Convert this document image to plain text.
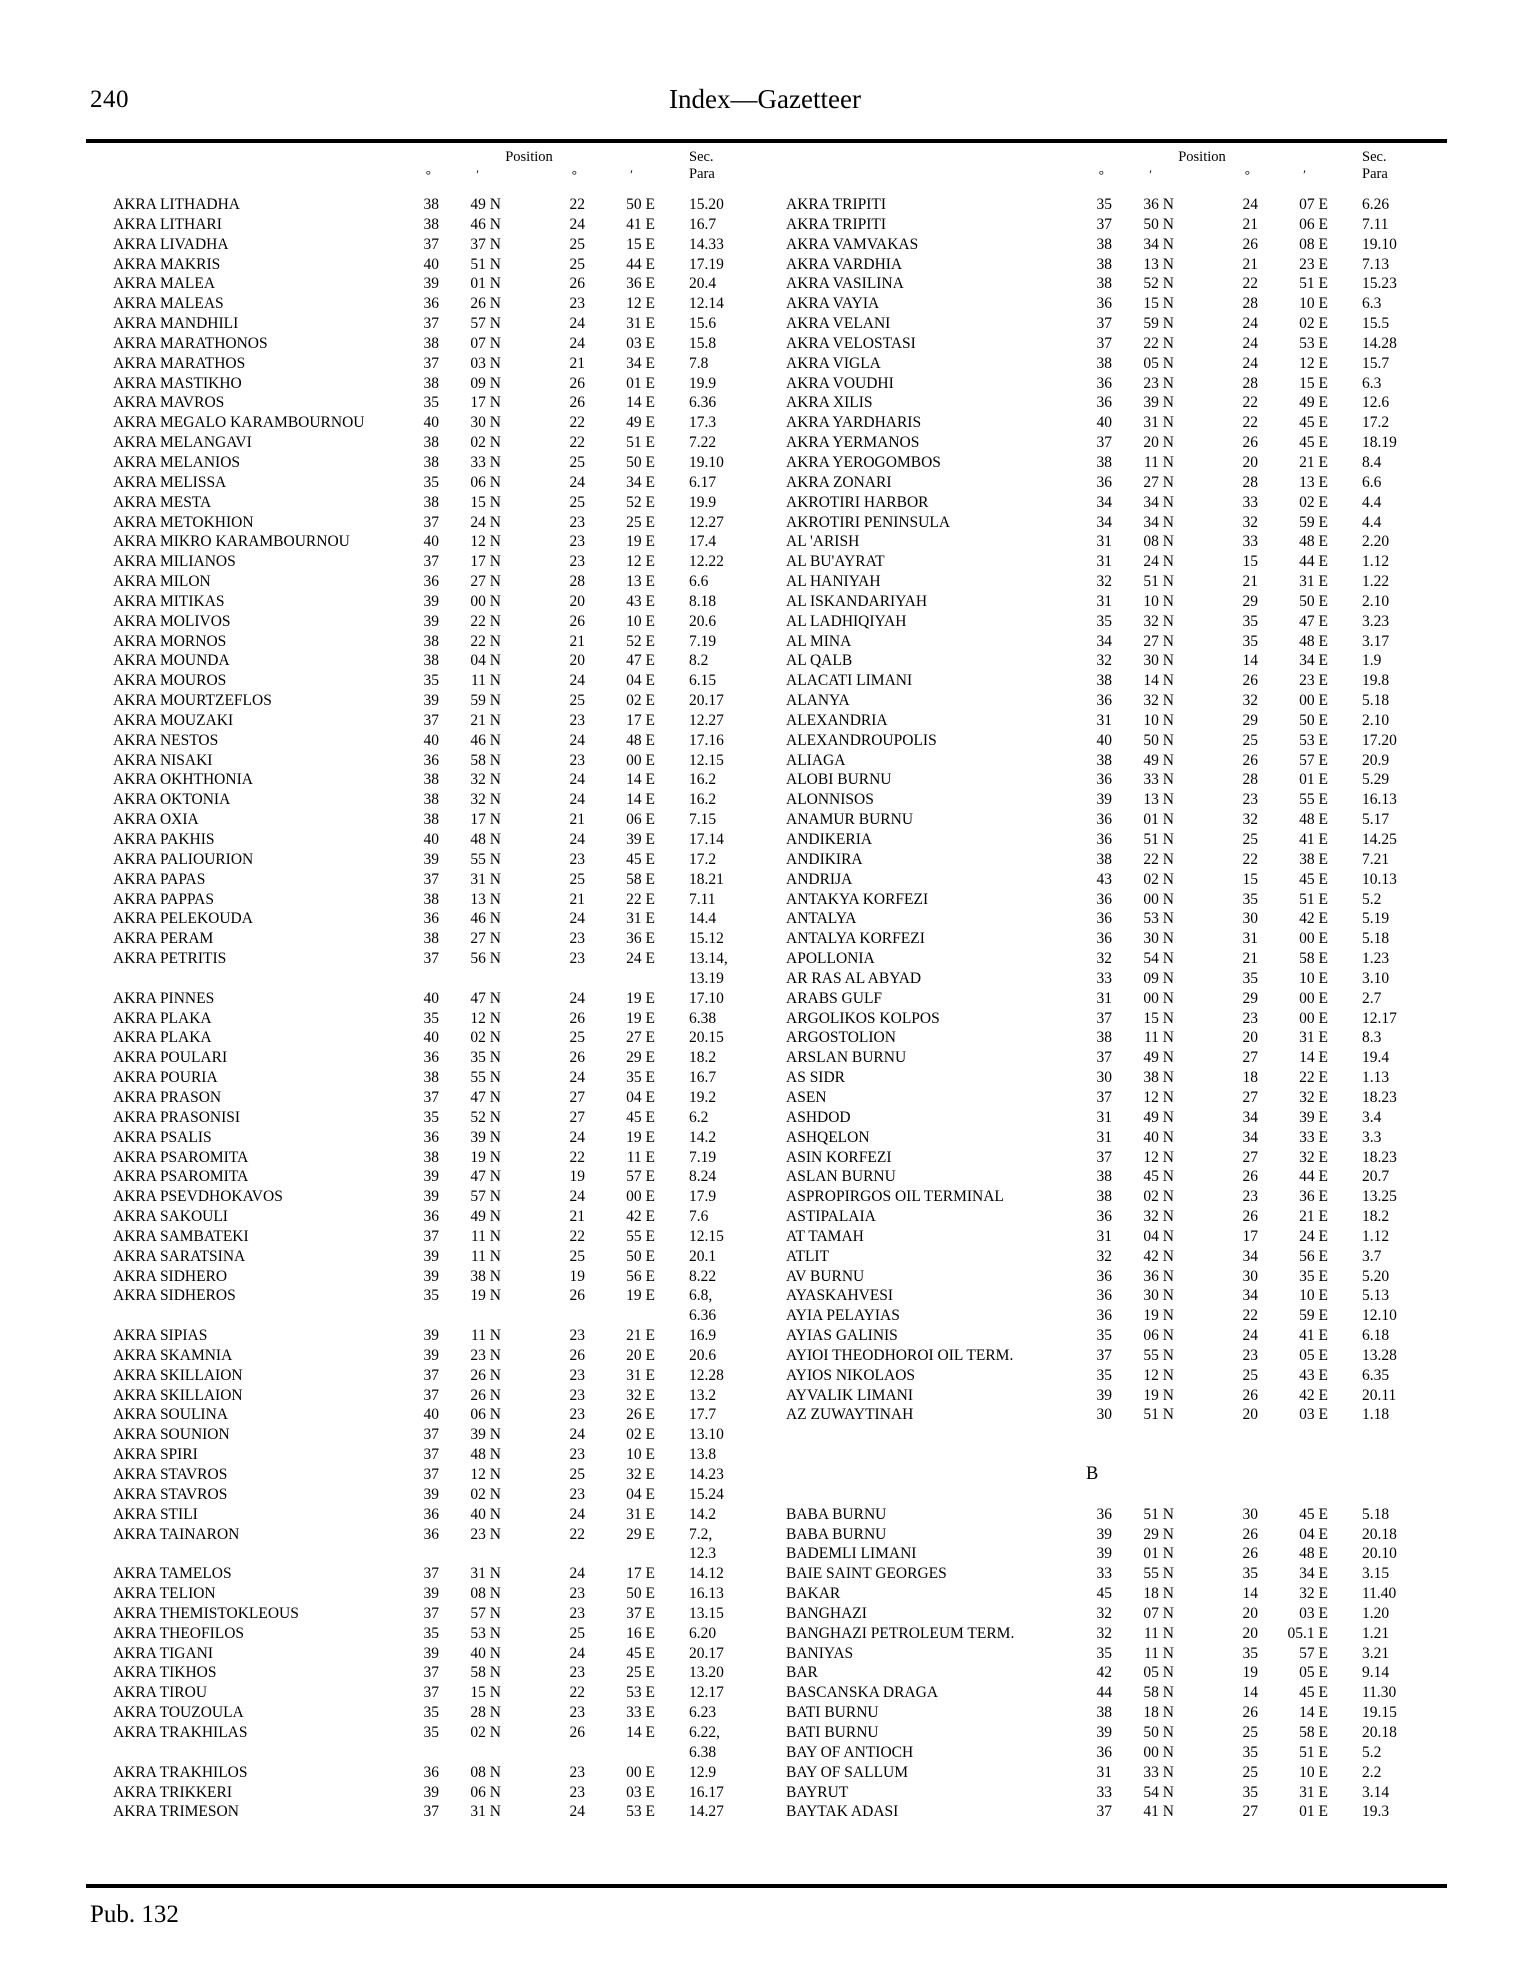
240	Index—Gazetteer
Position	Sec.
°	′	°	′	Para
AKRA LITHADHA	38	49 N	22	50 E	15.20
AKRA LITHARI	38	46 N	24	41 E	16.7
AKRA LIVADHA	37	37 N	25	15 E	14.33
AKRA MAKRIS	40	51 N	25	44 E	17.19
AKRA MALEA	39	01 N	26	36 E	20.4
AKRA MALEAS	36	26 N	23	12 E	12.14
AKRA MANDHILI	37	57 N	24	31 E	15.6
AKRA MARATHONOS	38	07 N	24	03 E	15.8
AKRA MARATHOS	37	03 N	21	34 E	7.8
AKRA MASTIKHO	38	09 N	26	01 E	19.9
AKRA MAVROS	35	17 N	26	14 E	6.36
AKRA MEGALO KARAMBOURNOU	40	30 N	22	49 E	17.3
AKRA MELANGAVI	38	02 N	22	51 E	7.22
AKRA MELANIOS	38	33 N	25	50 E	19.10
AKRA MELISSA	35	06 N	24	34 E	6.17
AKRA MESTA	38	15 N	25	52 E	19.9
AKRA METOKHION	37	24 N	23	25 E	12.27
AKRA MIKRO KARAMBOURNOU	40	12 N	23	19 E	17.4
AKRA MILIANOS	37	17 N	23	12 E	12.22
AKRA MILON	36	27 N	28	13 E	6.6
AKRA MITIKAS	39	00 N	20	43 E	8.18
AKRA MOLIVOS	39	22 N	26	10 E	20.6
AKRA MORNOS	38	22 N	21	52 E	7.19
AKRA MOUNDA	38	04 N	20	47 E	8.2
AKRA MOUROS	35	11 N	24	04 E	6.15
AKRA MOURTZEFLOS	39	59 N	25	02 E	20.17
AKRA MOUZAKI	37	21 N	23	17 E	12.27
AKRA NESTOS	40	46 N	24	48 E	17.16
AKRA NISAKI	36	58 N	23	00 E	12.15
AKRA OKHTHONIA	38	32 N	24	14 E	16.2
AKRA OKTONIA	38	32 N	24	14 E	16.2
AKRA OXIA	38	17 N	21	06 E	7.15
AKRA PAKHIS	40	48 N	24	39 E	17.14
AKRA PALIOURION	39	55 N	23	45 E	17.2
AKRA PAPAS	37	31 N	25	58 E	18.21
AKRA PAPPAS	38	13 N	21	22 E	7.11
AKRA PELEKOUDA	36	46 N	24	31 E	14.4
AKRA PERAM	38	27 N	23	36 E	15.12
AKRA PETRITIS	37	56 N	23	24 E	13.14,
13.19
AKRA PINNES	40	47 N	24	19 E	17.10
AKRA PLAKA	35	12 N	26	19 E	6.38
AKRA PLAKA	40	02 N	25	27 E	20.15
AKRA POULARI	36	35 N	26	29 E	18.2
AKRA POURIA	38	55 N	24	35 E	16.7
AKRA PRASON	37	47 N	27	04 E	19.2
AKRA PRASONISI	35	52 N	27	45 E	6.2
AKRA PSALIS	36	39 N	24	19 E	14.2
AKRA PSAROMITA	38	19 N	22	11 E	7.19
AKRA PSAROMITA	39	47 N	19	57 E	8.24
AKRA PSEVDHOKAVOS	39	57 N	24	00 E	17.9
AKRA SAKOULI	36	49 N	21	42 E	7.6
AKRA SAMBATEKI	37	11 N	22	55 E	12.15
AKRA SARATSINA	39	11 N	25	50 E	20.1
AKRA SIDHERO	39	38 N	19	56 E	8.22
AKRA SIDHEROS	35	19 N	26	19 E	6.8,
6.36
AKRA SIPIAS	39	11 N	23	21 E	16.9
AKRA SKAMNIA	39	23 N	26	20 E	20.6
AKRA SKILLAION	37	26 N	23	31 E	12.28
AKRA SKILLAION	37	26 N	23	32 E	13.2
AKRA SOULINA	40	06 N	23	26 E	17.7
AKRA SOUNION	37	39 N	24	02 E	13.10
AKRA SPIRI	37	48 N	23	10 E	13.8
AKRA STAVROS	37	12 N	25	32 E	14.23
AKRA STAVROS	39	02 N	23	04 E	15.24
AKRA STILI	36	40 N	24	31 E	14.2
AKRA TAINARON	36	23 N	22	29 E	7.2,
12.3
AKRA TAMELOS	37	31 N	24	17 E	14.12
AKRA TELION	39	08 N	23	50 E	16.13
AKRA THEMISTOKLEOUS	37	57 N	23	37 E	13.15
AKRA THEOFILOS	35	53 N	25	16 E	6.20
AKRA TIGANI	39	40 N	24	45 E	20.17
AKRA TIKHOS	37	58 N	23	25 E	13.20
AKRA TIROU	37	15 N	22	53 E	12.17
AKRA TOUZOULA	35	28 N	23	33 E	6.23
AKRA TRAKHILAS	35	02 N	26	14 E	6.22,
6.38
AKRA TRAKHILOS	36	08 N	23	00 E	12.9
AKRA TRIKKERI	39	06 N	23	03 E	16.17
AKRA TRIMESON	37	31 N	24	53 E	14.27
Position	Sec.
°	′	°	′	Para
AKRA TRIPITI	35	36 N	24	07 E	6.26
AKRA TRIPITI	37	50 N	21	06 E	7.11
AKRA VAMVAKAS	38	34 N	26	08 E	19.10
AKRA VARDHIA	38	13 N	21	23 E	7.13
AKRA VASILINA	38	52 N	22	51 E	15.23
AKRA VAYIA	36	15 N	28	10 E	6.3
AKRA VELANI	37	59 N	24	02 E	15.5
AKRA VELOSTASI	37	22 N	24	53 E	14.28
AKRA VIGLA	38	05 N	24	12 E	15.7
AKRA VOUDHI	36	23 N	28	15 E	6.3
AKRA XILIS	36	39 N	22	49 E	12.6
AKRA YARDHARIS	40	31 N	22	45 E	17.2
AKRA YERMANOS	37	20 N	26	45 E	18.19
AKRA YEROGOMBOS	38	11 N	20	21 E	8.4
AKRA ZONARI	36	27 N	28	13 E	6.6
AKROTIRI HARBOR	34	34 N	33	02 E	4.4
AKROTIRI PENINSULA	34	34 N	32	59 E	4.4
AL 'ARISH	31	08 N	33	48 E	2.20
AL BU'AYRAT	31	24 N	15	44 E	1.12
AL HANIYAH	32	51 N	21	31 E	1.22
AL ISKANDARIYAH	31	10 N	29	50 E	2.10
AL LADHIQIYAH	35	32 N	35	47 E	3.23
AL MINA	34	27 N	35	48 E	3.17
AL QALB	32	30 N	14	34 E	1.9
ALACATI LIMANI	38	14 N	26	23 E	19.8
ALANYA	36	32 N	32	00 E	5.18
ALEXANDRIA	31	10 N	29	50 E	2.10
ALEXANDROUPOLIS	40	50 N	25	53 E	17.20
ALIAGA	38	49 N	26	57 E	20.9
ALOBI BURNU	36	33 N	28	01 E	5.29
ALONNISOS	39	13 N	23	55 E	16.13
ANAMUR BURNU	36	01 N	32	48 E	5.17
ANDIKERIA	36	51 N	25	41 E	14.25
ANDIKIRA	38	22 N	22	38 E	7.21
ANDRIJA	43	02 N	15	45 E	10.13
ANTAKYA KORFEZI	36	00 N	35	51 E	5.2
ANTALYA	36	53 N	30	42 E	5.19
ANTALYA KORFEZI	36	30 N	31	00 E	5.18
APOLLONIA	32	54 N	21	58 E	1.23
AR RAS AL ABYAD	33	09 N	35	10 E	3.10
ARABS GULF	31	00 N	29	00 E	2.7
ARGOLIKOS KOLPOS	37	15 N	23	00 E	12.17
ARGOSTOLION	38	11 N	20	31 E	8.3
ARSLAN BURNU	37	49 N	27	14 E	19.4
AS SIDR	30	38 N	18	22 E	1.13
ASEN	37	12 N	27	32 E	18.23
ASHDOD	31	49 N	34	39 E	3.4
ASHQELON	31	40 N	34	33 E	3.3
ASIN KORFEZI	37	12 N	27	32 E	18.23
ASLAN BURNU	38	45 N	26	44 E	20.7
ASPROPIRGOS OIL TERMINAL	38	02 N	23	36 E	13.25
ASTIPALAIA	36	32 N	26	21 E	18.2
AT TAMAH	31	04 N	17	24 E	1.12
ATLIT	32	42 N	34	56 E	3.7
AV BURNU	36	36 N	30	35 E	5.20
AYASKAHVESI	36	30 N	34	10 E	5.13
AYIA PELAYIAS	36	19 N	22	59 E	12.10
AYIAS GALINIS	35	06 N	24	41 E	6.18
AYIOI THEODHOROI OIL TERM.	37	55 N	23	05 E	13.28
AYIOS NIKOLAOS	35	12 N	25	43 E	6.35
AYVALIK LIMANI	39	19 N	26	42 E	20.11
AZ ZUWAYTINAH	30	51 N	20	03 E	1.18
B
BABA BURNU	36	51 N	30	45 E	5.18
BABA BURNU	39	29 N	26	04 E	20.18
BADEMLI LIMANI	39	01 N	26	48 E	20.10
BAIE SAINT GEORGES	33	55 N	35	34 E	3.15
BAKAR	45	18 N	14	32 E	11.40
BANGHAZI	32	07 N	20	03 E	1.20
BANGHAZI PETROLEUM TERM.	32	11 N	20	05.1 E	1.21
BANIYAS	35	11 N	35	57 E	3.21
BAR	42	05 N	19	05 E	9.14
BASCANSKA DRAGA	44	58 N	14	45 E	11.30
BATI BURNU	38	18 N	26	14 E	19.15
BATI BURNU	39	50 N	25	58 E	20.18
BAY OF ANTIOCH	36	00 N	35	51 E	5.2
BAY OF SALLUM	31	33 N	25	10 E	2.2
BAYRUT	33	54 N	35	31 E	3.14
BAYTAK ADASI	37	41 N	27	01 E	19.3
Pub. 132
